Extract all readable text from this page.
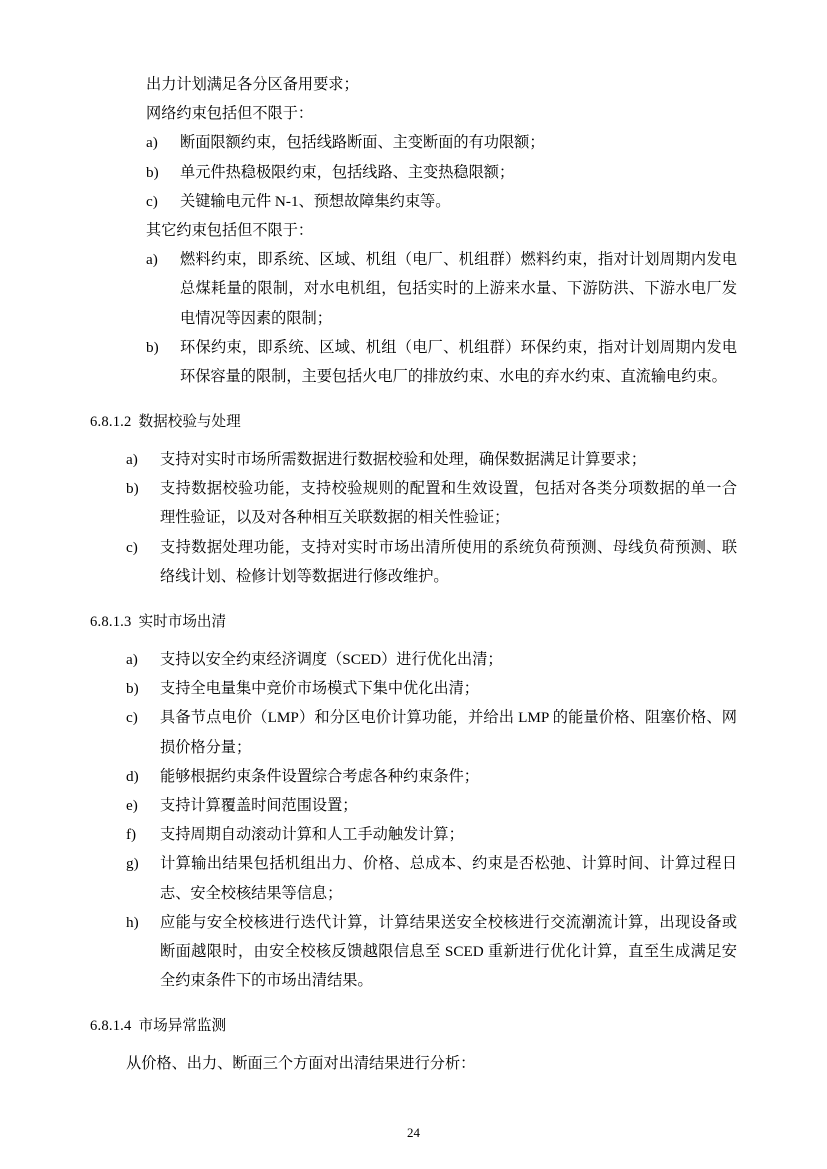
出力计划满足各分区备用要求；
网络约束包括但不限于：
a)	断面限额约束，包括线路断面、主变断面的有功限额；
b)	单元件热稳极限约束，包括线路、主变热稳限额；
c)	关键输电元件 N-1、预想故障集约束等。
其它约束包括但不限于：
a)	燃料约束，即系统、区域、机组（电厂、机组群）燃料约束，指对计划周期内发电总煤耗量的限制，对水电机组，包括实时的上游来水量、下游防洪、下游水电厂发电情况等因素的限制；
b)	环保约束，即系统、区域、机组（电厂、机组群）环保约束，指对计划周期内发电环保容量的限制，主要包括火电厂的排放约束、水电的弃水约束、直流输电约束。
6.8.1.2 数据校验与处理
a)	支持对实时市场所需数据进行数据校验和处理，确保数据满足计算要求；
b)	支持数据校验功能，支持校验规则的配置和生效设置，包括对各类分项数据的单一合理性验证，以及对各种相互关联数据的相关性验证；
c)	支持数据处理功能，支持对实时市场出清所使用的系统负荷预测、母线负荷预测、联络线计划、检修计划等数据进行修改维护。
6.8.1.3 实时市场出清
a)	支持以安全约束经济调度（SCED）进行优化出清；
b)	支持全电量集中竞价市场模式下集中优化出清；
c)	具备节点电价（LMP）和分区电价计算功能，并给出 LMP 的能量价格、阻塞价格、网损价格分量；
d)	能够根据约束条件设置综合考虑各种约束条件；
e)	支持计算覆盖时间范围设置；
f)	支持周期自动滚动计算和人工手动触发计算；
g)	计算输出结果包括机组出力、价格、总成本、约束是否松弛、计算时间、计算过程日志、安全校核结果等信息；
h)	应能与安全校核进行迭代计算，计算结果送安全校核进行交流潮流计算，出现设备或断面越限时，由安全校核反馈越限信息至 SCED 重新进行优化计算，直至生成满足安全约束条件下的市场出清结果。
6.8.1.4 市场异常监测
从价格、出力、断面三个方面对出清结果进行分析：
24
